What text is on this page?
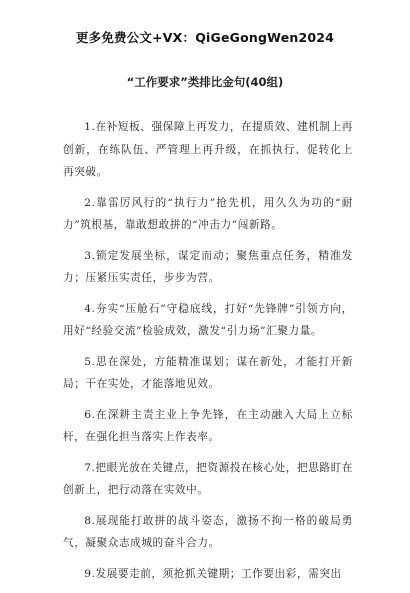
更多免费公文+VX：QiGeGongWen2024
“工作要求”类排比金句(40组)

1.在补短板、强保障上再发力，在提质效、建机制上再创新，在练队伍、严管理上再升级，在抓执行、促转化上再突破。

2.靠雷厉风行的“执行力”抢先机，用久久为功的“耐力”筑根基，靠敢想敢拼的“冲击力”闯新路。

3.锁定发展坐标，谋定而动；聚焦重点任务，精准发力；压紧压实责任，步步为营。

4.夯实“压舱石”守稳底线，打好“先锋牌”引领方向，用好“经验交流”检验成效，激发“引力场”汇聚力量。

5.思在深处，方能精准谋划；谋在新处，才能打开新局；干在实处，才能落地见效。

6.在深耕主责主业上争先锋，在主动融入大局上立标杆，在强化担当落实上作表率。

7.把眼光放在关键点，把资源投在核心处，把思路盯在创新上，把行动落在实效中。

8.展现能打敢拼的战斗姿态，激扬不拘一格的破局勇气，凝聚众志成城的奋斗合力。

9.发展要走前，须抢抓关键期；工作要出彩，需突出
